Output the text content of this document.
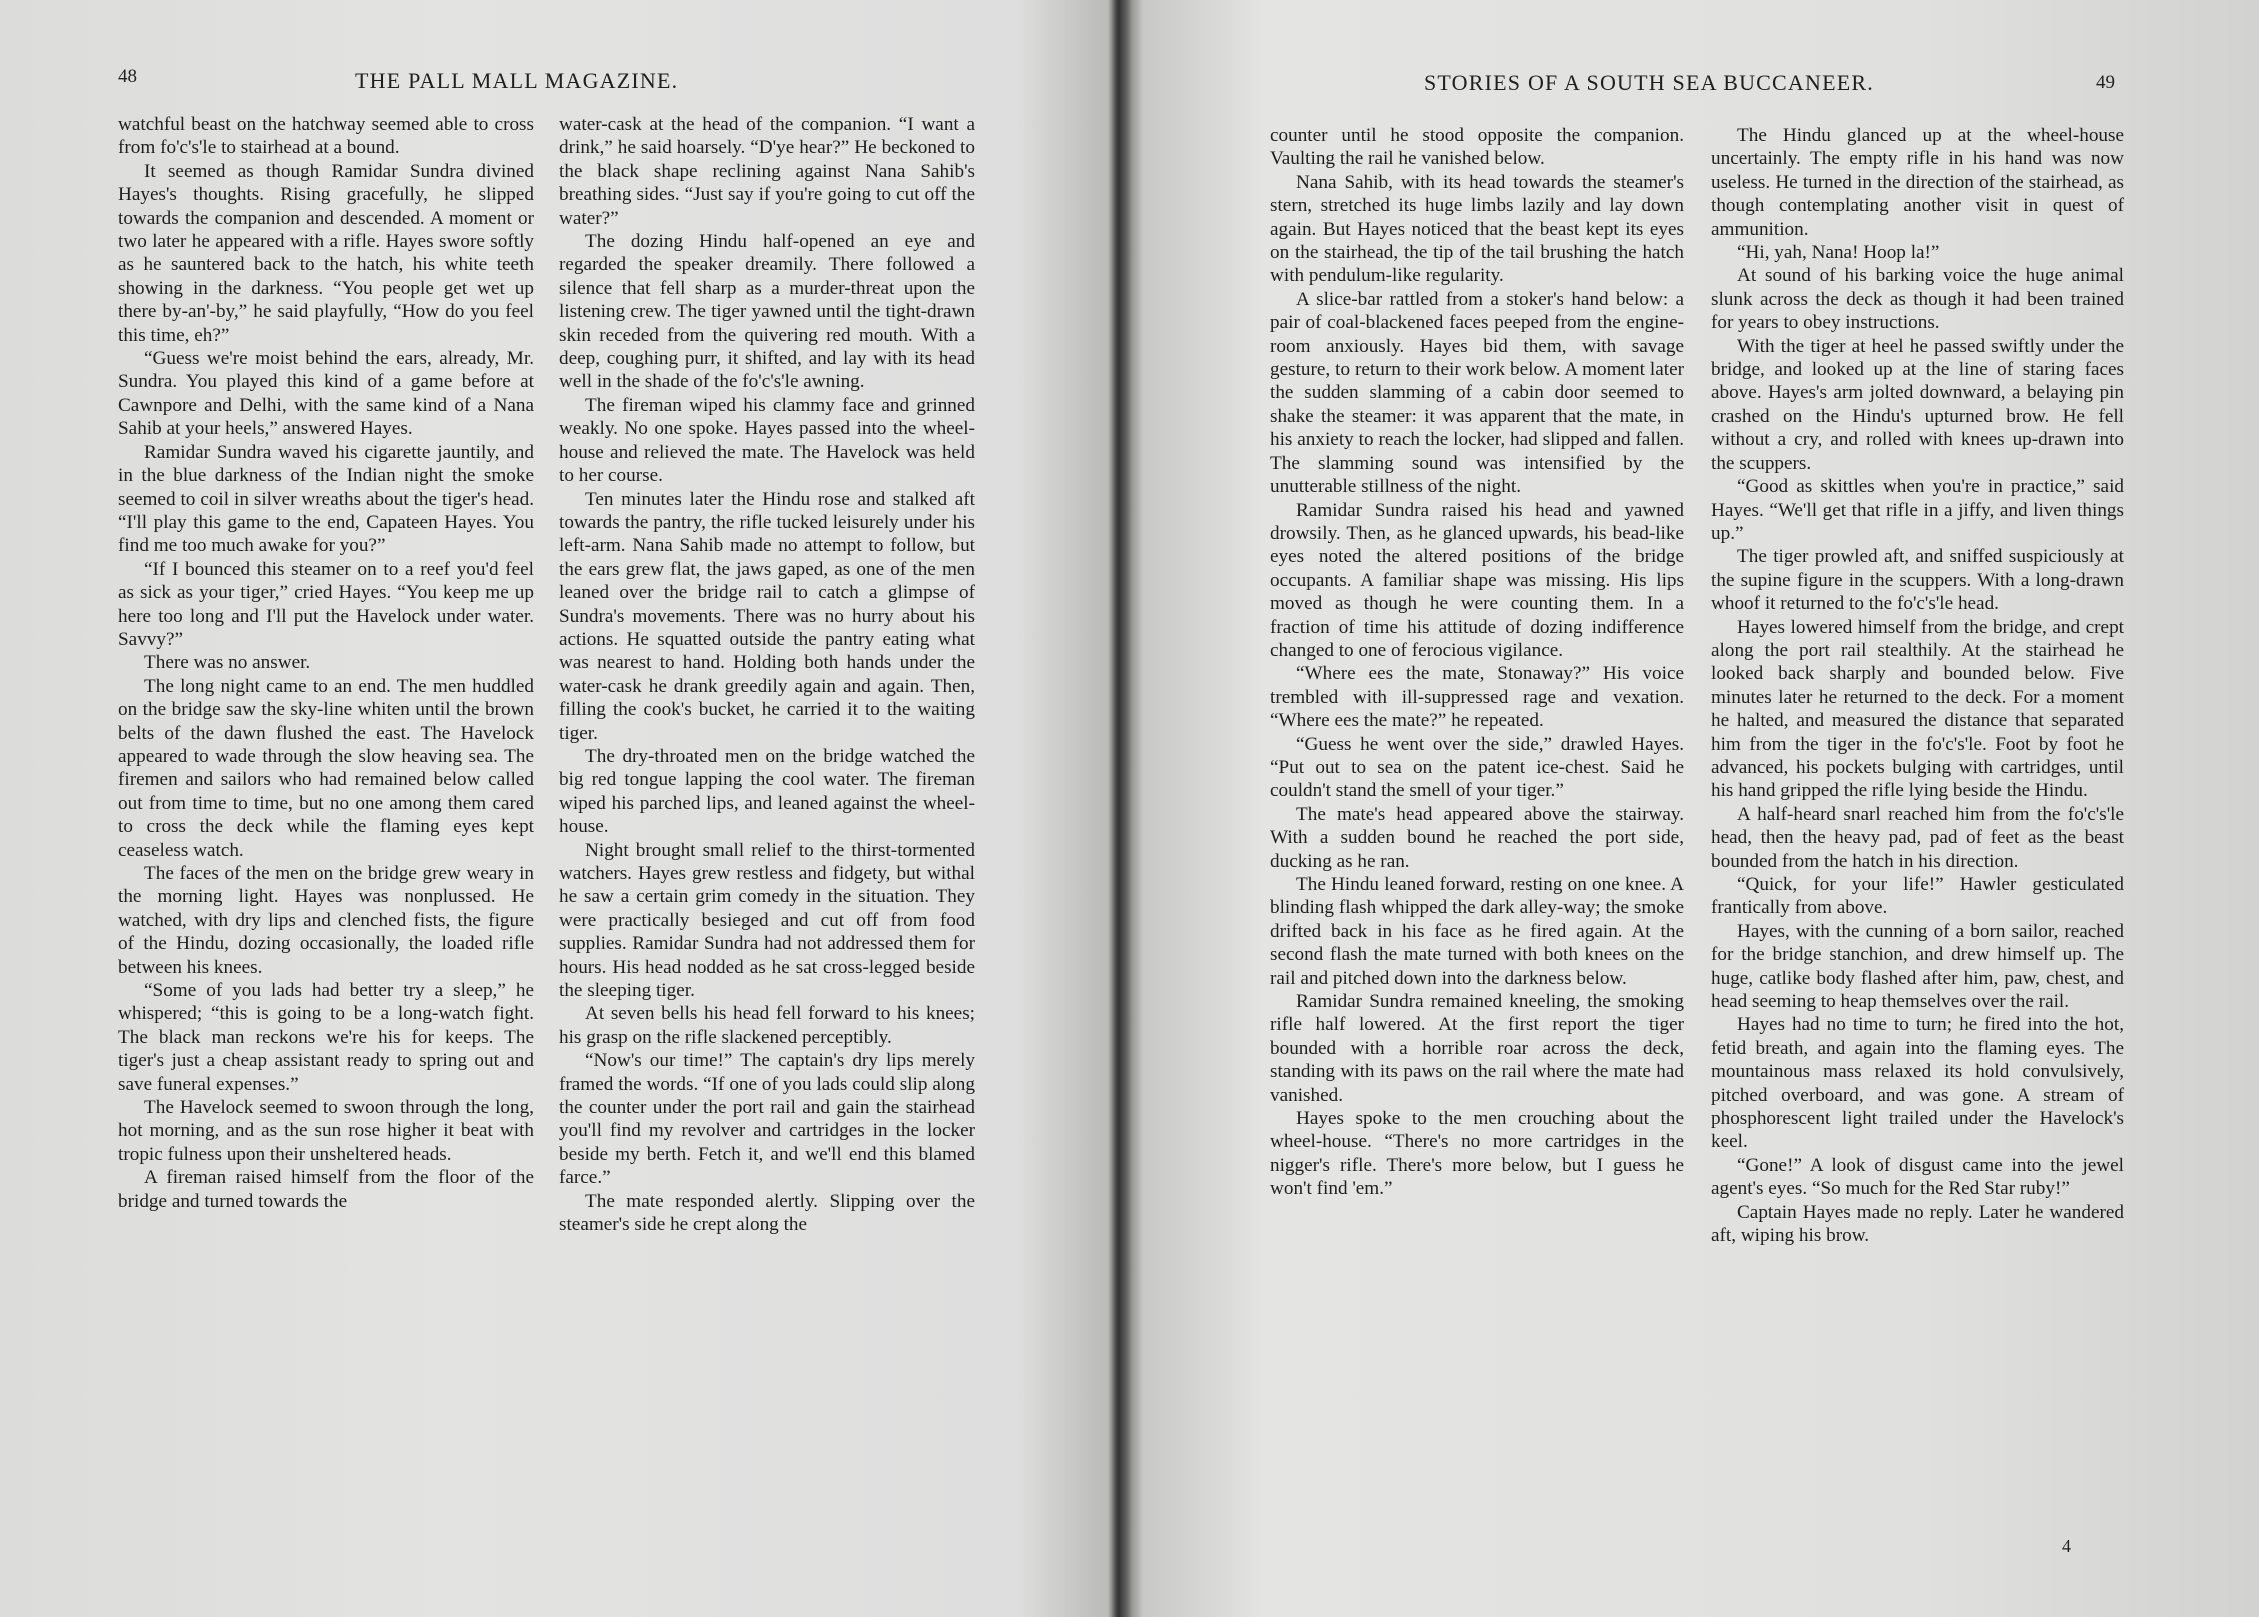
48	THE PALL MALL MAGAZINE.

watchful beast on the hatchway seemed able to cross from fo'c's'le to stairhead at a bound.

It seemed as though Ramidar Sundra divined Hayes's thoughts. Rising gracefully, he slipped towards the companion and descended. A moment or two later he appeared with a rifle. Hayes swore softly as he sauntered back to the hatch, his white teeth showing in the darkness. “You people get wet up there by-an'-by,” he said playfully, “How do you feel this time, eh?”

“Guess we're moist behind the ears, already, Mr. Sundra. You played this kind of a game before at Cawnpore and Delhi, with the same kind of a Nana Sahib at your heels,” answered Hayes.

Ramidar Sundra waved his cigarette jauntily, and in the blue darkness of the Indian night the smoke seemed to coil in silver wreaths about the tiger's head. “I'll play this game to the end, Capateen Hayes. You find me too much awake for you?”

“If I bounced this steamer on to a reef you'd feel as sick as your tiger,” cried Hayes. “You keep me up here too long and I'll put the Havelock under water. Savvy?”

There was no answer.

The long night came to an end. The men huddled on the bridge saw the sky-line whiten until the brown belts of the dawn flushed the east. The Havelock appeared to wade through the slow heaving sea. The firemen and sailors who had remained below called out from time to time, but no one among them cared to cross the deck while the flaming eyes kept ceaseless watch.

The faces of the men on the bridge grew weary in the morning light. Hayes was nonplussed. He watched, with dry lips and clenched fists, the figure of the Hindu, dozing occasionally, the loaded rifle between his knees.

“Some of you lads had better try a sleep,” he whispered; “this is going to be a long-watch fight. The black man reckons we're his for keeps. The tiger's just a cheap assistant ready to spring out and save funeral expenses.”

The Havelock seemed to swoon through the long, hot morning, and as the sun rose higher it beat with tropic fulness upon their unsheltered heads.

A fireman raised himself from the floor of the bridge and turned towards the

water-cask at the head of the companion. “I want a drink,” he said hoarsely. “D'ye hear?” He beckoned to the black shape reclining against Nana Sahib's breathing sides. “Just say if you're going to cut off the water?”

The dozing Hindu half-opened an eye and regarded the speaker dreamily. There followed a silence that fell sharp as a murder-threat upon the listening crew. The tiger yawned until the tight-drawn skin receded from the quivering red mouth. With a deep, coughing purr, it shifted, and lay with its head well in the shade of the fo'c's'le awning.

The fireman wiped his clammy face and grinned weakly. No one spoke. Hayes passed into the wheel-house and relieved the mate. The Havelock was held to her course.

Ten minutes later the Hindu rose and stalked aft towards the pantry, the rifle tucked leisurely under his left-arm. Nana Sahib made no attempt to follow, but the ears grew flat, the jaws gaped, as one of the men leaned over the bridge rail to catch a glimpse of Sundra's movements. There was no hurry about his actions. He squatted outside the pantry eating what was nearest to hand. Holding both hands under the water-cask he drank greedily again and again. Then, filling the cook's bucket, he carried it to the waiting tiger.

The dry-throated men on the bridge watched the big red tongue lapping the cool water. The fireman wiped his parched lips, and leaned against the wheel-house.

Night brought small relief to the thirst-tormented watchers. Hayes grew restless and fidgety, but withal he saw a certain grim comedy in the situation. They were practically besieged and cut off from food supplies. Ramidar Sundra had not addressed them for hours. His head nodded as he sat cross-legged beside the sleeping tiger.

At seven bells his head fell forward to his knees; his grasp on the rifle slackened perceptibly.

“Now's our time!” The captain's dry lips merely framed the words. “If one of you lads could slip along the counter under the port rail and gain the stairhead you'll find my revolver and cartridges in the locker beside my berth. Fetch it, and we'll end this blamed farce.”

The mate responded alertly. Slipping over the steamer's side he crept along the

STORIES OF A SOUTH SEA BUCCANEER.	49

counter until he stood opposite the companion. Vaulting the rail he vanished below.

Nana Sahib, with its head towards the steamer's stern, stretched its huge limbs lazily and lay down again. But Hayes noticed that the beast kept its eyes on the stairhead, the tip of the tail brushing the hatch with pendulum-like regularity.

A slice-bar rattled from a stoker's hand below: a pair of coal-blackened faces peeped from the engine-room anxiously. Hayes bid them, with savage gesture, to return to their work below. A moment later the sudden slamming of a cabin door seemed to shake the steamer: it was apparent that the mate, in his anxiety to reach the locker, had slipped and fallen. The slamming sound was intensified by the unutterable stillness of the night.

Ramidar Sundra raised his head and yawned drowsily. Then, as he glanced upwards, his bead-like eyes noted the altered positions of the bridge occupants. A familiar shape was missing. His lips moved as though he were counting them. In a fraction of time his attitude of dozing indifference changed to one of ferocious vigilance.

“Where ees the mate, Stonaway?” His voice trembled with ill-suppressed rage and vexation. “Where ees the mate?” he repeated.

“Guess he went over the side,” drawled Hayes. “Put out to sea on the patent ice-chest. Said he couldn't stand the smell of your tiger.”

The mate's head appeared above the stairway. With a sudden bound he reached the port side, ducking as he ran.

The Hindu leaned forward, resting on one knee. A blinding flash whipped the dark alley-way; the smoke drifted back in his face as he fired again. At the second flash the mate turned with both knees on the rail and pitched down into the darkness below.

Ramidar Sundra remained kneeling, the smoking rifle half lowered. At the first report the tiger bounded with a horrible roar across the deck, standing with its paws on the rail where the mate had vanished.

Hayes spoke to the men crouching about the wheel-house. “There's no more cartridges in the nigger's rifle. There's more below, but I guess he won't find 'em.”

The Hindu glanced up at the wheel-house uncertainly. The empty rifle in his hand was now useless. He turned in the direction of the stairhead, as though contemplating another visit in quest of ammunition.

“Hi, yah, Nana! Hoop la!”

At sound of his barking voice the huge animal slunk across the deck as though it had been trained for years to obey instructions.

With the tiger at heel he passed swiftly under the bridge, and looked up at the line of staring faces above. Hayes's arm jolted downward, a belaying pin crashed on the Hindu's upturned brow. He fell without a cry, and rolled with knees up-drawn into the scuppers.

“Good as skittles when you're in practice,” said Hayes. “We'll get that rifle in a jiffy, and liven things up.”

The tiger prowled aft, and sniffed suspiciously at the supine figure in the scuppers. With a long-drawn whoof it returned to the fo'c's'le head.

Hayes lowered himself from the bridge, and crept along the port rail stealthily. At the stairhead he looked back sharply and bounded below. Five minutes later he returned to the deck. For a moment he halted, and measured the distance that separated him from the tiger in the fo'c's'le. Foot by foot he advanced, his pockets bulging with cartridges, until his hand gripped the rifle lying beside the Hindu.

A half-heard snarl reached him from the fo'c's'le head, then the heavy pad, pad of feet as the beast bounded from the hatch in his direction.

“Quick, for your life!” Hawler gesticulated frantically from above.

Hayes, with the cunning of a born sailor, reached for the bridge stanchion, and drew himself up. The huge, catlike body flashed after him, paw, chest, and head seeming to heap themselves over the rail.

Hayes had no time to turn; he fired into the hot, fetid breath, and again into the flaming eyes. The mountainous mass relaxed its hold convulsively, pitched overboard, and was gone. A stream of phosphorescent light trailed under the Havelock's keel.

“Gone!” A look of disgust came into the jewel agent's eyes. “So much for the Red Star ruby!”

Captain Hayes made no reply. Later he wandered aft, wiping his brow.

4
